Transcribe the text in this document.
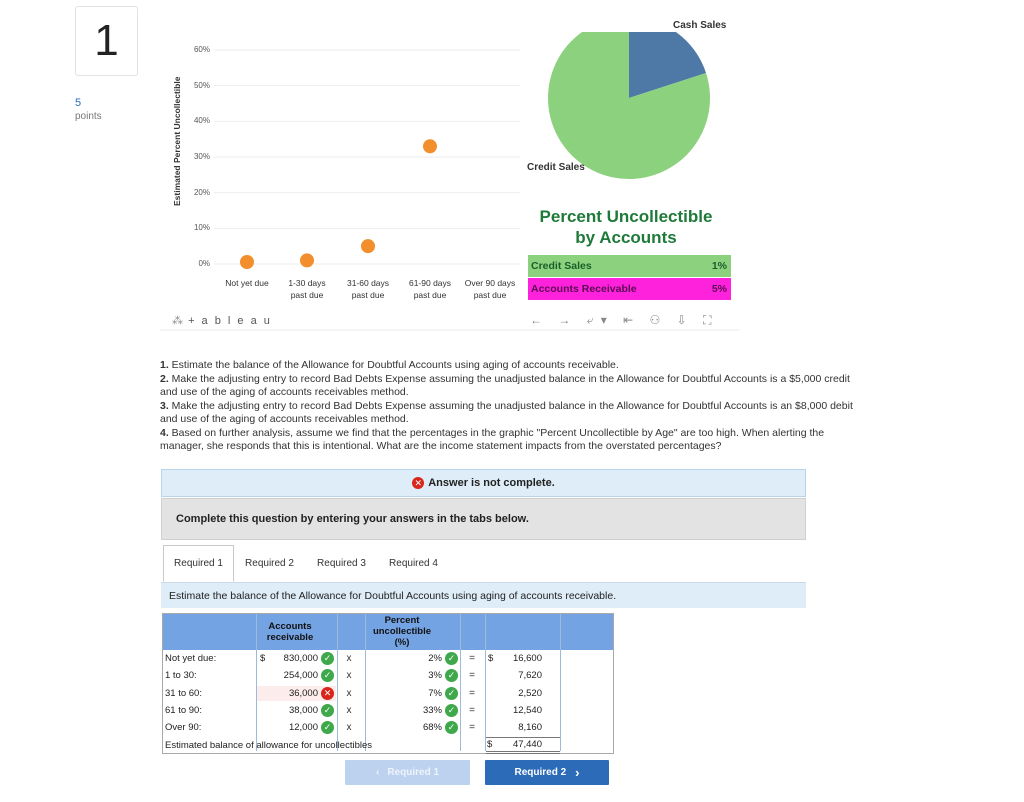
1
5
points	Estimated Percent Uncollectible
60%
50%
40%
30%
20%
10%
0%
Not yet due	1-30 days
past due
31-60 days
past due
61-90 days
past due
Over 90 days
past due
Cash Sales
Credit Sales
Percent Uncollectible
by Accounts
Credit Sales	1%
Accounts Receivable	5%
⁂ + a b l e a u	← → ⤶ ▾ ⇤ ⚇ ⇩ ⛶

1. Estimate the balance of the Allowance for Doubtful Accounts using aging of accounts receivable.

2. Make the adjusting entry to record Bad Debts Expense assuming the unadjusted balance in the Allowance for Doubtful Accounts is a $5,000 credit and use of the aging of accounts receivables method.

3. Make the adjusting entry to record Bad Debts Expense assuming the unadjusted balance in the Allowance for Doubtful Accounts is an $8,000 debit and use of the aging of accounts receivables method.

4. Based on further analysis, assume we find that the percentages in the graphic "Percent Uncollectible by Age" are too high. When alerting the manager, she responds that this is intentional. What are the income statement impacts from the overstated percentages?

✕ Answer is not complete.
Complete this question by entering your answers in the tabs below.
Required 1	Required 2	Required 3	Required 4
Estimate the balance of the Allowance for Doubtful Accounts using aging of accounts receivable.
Accounts receivable
Percent
uncollectible
(%)
Not yet due:	$	830,000 ✓	x	2% ✓	=	$	16,600
1 to 30:	254,000 ✓	x	3% ✓	=	7,620
31 to 60:	36,000 ✕	x	7% ✓	=	2,520
61 to 90:	38,000 ✓	x	33% ✓	=	12,540
Over 90:	12,000 ✓	x	68% ✓	=	8,160
Estimated balance of allowance for uncollectibles	$ 47,440
‹ Required 1	Required 2 ›
